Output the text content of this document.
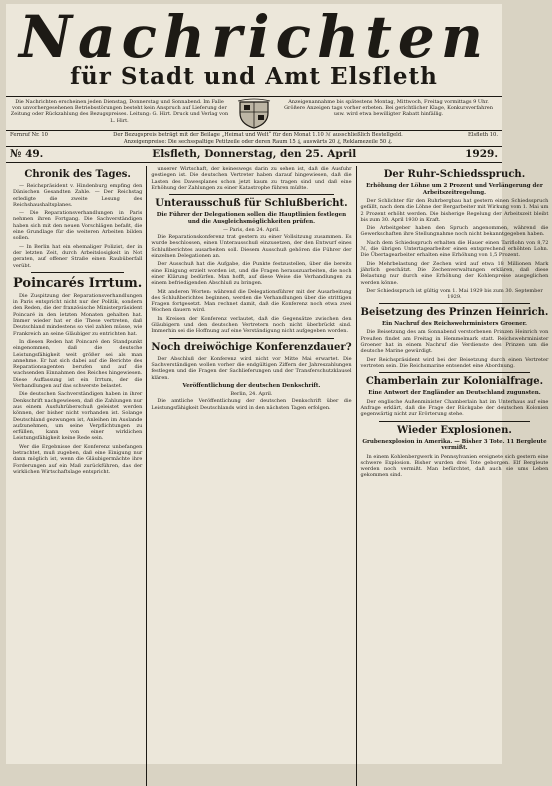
Nachrichten
für Stadt und Amt Elsfleth
Die Nachrichten erscheinen jeden Dienstag, Donnerstag und Sonnabend. Im Falle von unvorhergesehenen Betriebsstörungen besteht kein Anspruch auf Lieferung der Zeitung oder Rückzahlung des Bezugspreises. Leitung: G. Hirt. Druck und Verlag von L. Hirt.
Anzeigenannahme bis spätestens Montag, Mittwoch, Freitag vormittags 9 Uhr. Größere Anzeigen tags vorher erbeten. Bei gerichtlicher Klage, Konkursverfahren usw. wird etwa bewilligter Rabatt hinfällig.
Fernruf Nr. 10	Der Bezugspreis beträgt mit der Beilage „Heimat und Welt“ für den Monat 1.10 ℳ ausschließlich Bestellgeld.
Anzeigenpreise: Die sechsspaltige Petitzeile oder deren Raum 15 ₰, auswärts 20 ₰, Reklamezeile 50 ₰.
Elsfleth 10.
№ 49.	Elsfleth, Donnerstag, den 25. April	1929.
Chronik des Tages.

— Reichspräsident v. Hindenburg empfing den Dänischen Gesandten Zahle. — Der Reichstag erledigte die zweite Lesung des Reichshaushaltsplanes.

— Die Reparationsverhandlungen in Paris nehmen ihren Fortgang. Die Sachverständigen haben sich mit den neuen Vorschlägen befaßt, die eine Grundlage für die weiteren Arbeiten bilden sollen.

— In Berlin hat ein ehemaliger Polizist, der in der letzten Zeit, durch Arbeitslosigkeit in Not geraten, auf offener Straße einen Raubüberfall verübt.

Poincarés Irrtum.

Die Zuspitzung der Reparationsverhandlungen in Paris entspricht nicht nur der Politik, sondern den Reden, die der französische Ministerpräsident Poincaré in den letzten Monaten gehalten hat. Immer wieder hat er die These vertreten, daß Deutschland mindestens so viel zahlen müsse, wie Frankreich an seine Gläubiger zu entrichten hat.

In diesen Reden hat Poincaré den Standpunkt eingenommen, daß die deutsche Leistungsfähigkeit weit größer sei als man annehme. Er hat sich dabei auf die Berichte des Reparationsagenten berufen und auf die wachsenden Einnahmen des Reiches hingewiesen. Diese Auffassung ist ein Irrtum, der die Verhandlungen auf das schwerste belastet.

Die deutschen Sachverständigen haben in ihrer Denkschrift nachgewiesen, daß die Zahlungen nur aus einem Ausfuhrüberschuß geleistet werden können, der bisher nicht vorhanden ist. Solange Deutschland gezwungen ist, Anleihen im Auslande aufzunehmen, um seine Verpflichtungen zu erfüllen, kann von einer wirklichen Leistungsfähigkeit keine Rede sein.

Wer die Ergebnisse der Konferenz unbefangen betrachtet, muß zugeben, daß eine Einigung nur dann möglich ist, wenn die Gläubigermächte ihre Forderungen auf ein Maß zurückführen, das der wirklichen Wirtschaftslage entspricht.

unserer Wirtschaft, der keineswegs darin zu sehen ist, daß die Ausfuhr gestiegen ist. Die deutschen Vertreter haben darauf hingewiesen, daß die Lasten des Dawesplanes schon jetzt kaum zu tragen sind und daß eine Erhöhung der Zahlungen zu einer Katastrophe führen müßte.

Unterausschuß für Schlußbericht.
Die Führer der Delegationen sollen die Hauptlinien festlegen und die Ausgleichsmöglichkeiten prüfen.
— Paris, den 24. April.

Die Reparationskonferenz trat gestern zu einer Vollsitzung zusammen. Es wurde beschlossen, einen Unterausschuß einzusetzen, der den Entwurf eines Schlußberichtes ausarbeiten soll. Diesem Ausschuß gehören die Führer der einzelnen Delegationen an.

Der Ausschuß hat die Aufgabe, die Punkte festzustellen, über die bereits eine Einigung erzielt worden ist, und die Fragen herauszuarbeiten, die noch einer Klärung bedürfen. Man hofft, auf diese Weise die Verhandlungen zu einem befriedigenden Abschluß zu bringen.

Mit anderen Worten: während die Delegationsführer mit der Ausarbeitung des Schlußberichtes beginnen, werden die Verhandlungen über die strittigen Fragen fortgesetzt. Man rechnet damit, daß die Konferenz noch etwa zwei Wochen dauern wird.

In Kreisen der Konferenz verlautet, daß die Gegensätze zwischen den Gläubigern und den deutschen Vertretern noch nicht überbrückt sind. Immerhin sei die Hoffnung auf eine Verständigung nicht aufgegeben worden.

Noch dreiwöchige Konferenzdauer?

Der Abschluß der Konferenz wird nicht vor Mitte Mai erwartet. Die Sachverständigen wollen vorher die endgültigen Ziffern der Jahreszahlungen festlegen und die Fragen der Sachlieferungen und der Transferschutzklausel klären.

Veröffentlichung der deutschen Denkschrift.
Berlin, 24. April.

Die amtliche Veröffentlichung der deutschen Denkschrift über die Leistungsfähigkeit Deutschlands wird in den nächsten Tagen erfolgen.

Der Ruhr-Schiedsspruch.
Erhöhung der Löhne um 2 Prozent und Verlängerung der Arbeitszeitregelung.

Der Schlichter für den Ruhrbergbau hat gestern einen Schiedsspruch gefällt, nach dem die Löhne der Bergarbeiter mit Wirkung vom 1. Mai um 2 Prozent erhöht werden. Die bisherige Regelung der Arbeitszeit bleibt bis zum 30. April 1930 in Kraft.

Die Arbeitgeber haben den Spruch angenommen, während die Gewerkschaften ihre Stellungnahme noch nicht bekanntgegeben haben.

Nach dem Schiedsspruch erhalten die Hauer einen Tariflohn von 8,72 ℳ, die übrigen Untertagearbeiter einen entsprechend erhöhten Lohn. Die Übertagearbeiter erhalten eine Erhöhung von 1,5 Prozent.

Die Mehrbelastung der Zechen wird auf etwa 18 Millionen Mark jährlich geschätzt. Die Zechenverwaltungen erklären, daß diese Belastung nur durch eine Erhöhung der Kohlenpreise ausgeglichen werden könne.

Der Schiedsspruch ist gültig vom 1. Mai 1929 bis zum 30. September 1929.
Beisetzung des Prinzen Heinrich.
Ein Nachruf des Reichswehrministers Groener.

Die Beisetzung des am Sonnabend verstorbenen Prinzen Heinrich von Preußen findet am Freitag in Hemmelmark statt. Reichswehrminister Groener hat in einem Nachruf die Verdienste des Prinzen um die deutsche Marine gewürdigt.

Der Reichspräsident wird bei der Beisetzung durch einen Vertreter vertreten sein. Die Reichsmarine entsendet eine Abordnung.

Chamberlain zur Kolonialfrage.
Eine Antwort der Engländer an Deutschland zugunsten.

Der englische Außenminister Chamberlain hat im Unterhaus auf eine Anfrage erklärt, daß die Frage der Rückgabe der deutschen Kolonien gegenwärtig nicht zur Erörterung stehe.

Wieder Explosionen.
Grubenexplosion in Amerika. — Bisher 3 Tote. 11 Bergleute vermißt.

In einem Kohlenbergwerk in Pennsylvanien ereignete sich gestern eine schwere Explosion. Bisher wurden drei Tote geborgen. Elf Bergleute werden noch vermißt. Man befürchtet, daß auch sie ums Leben gekommen sind.
